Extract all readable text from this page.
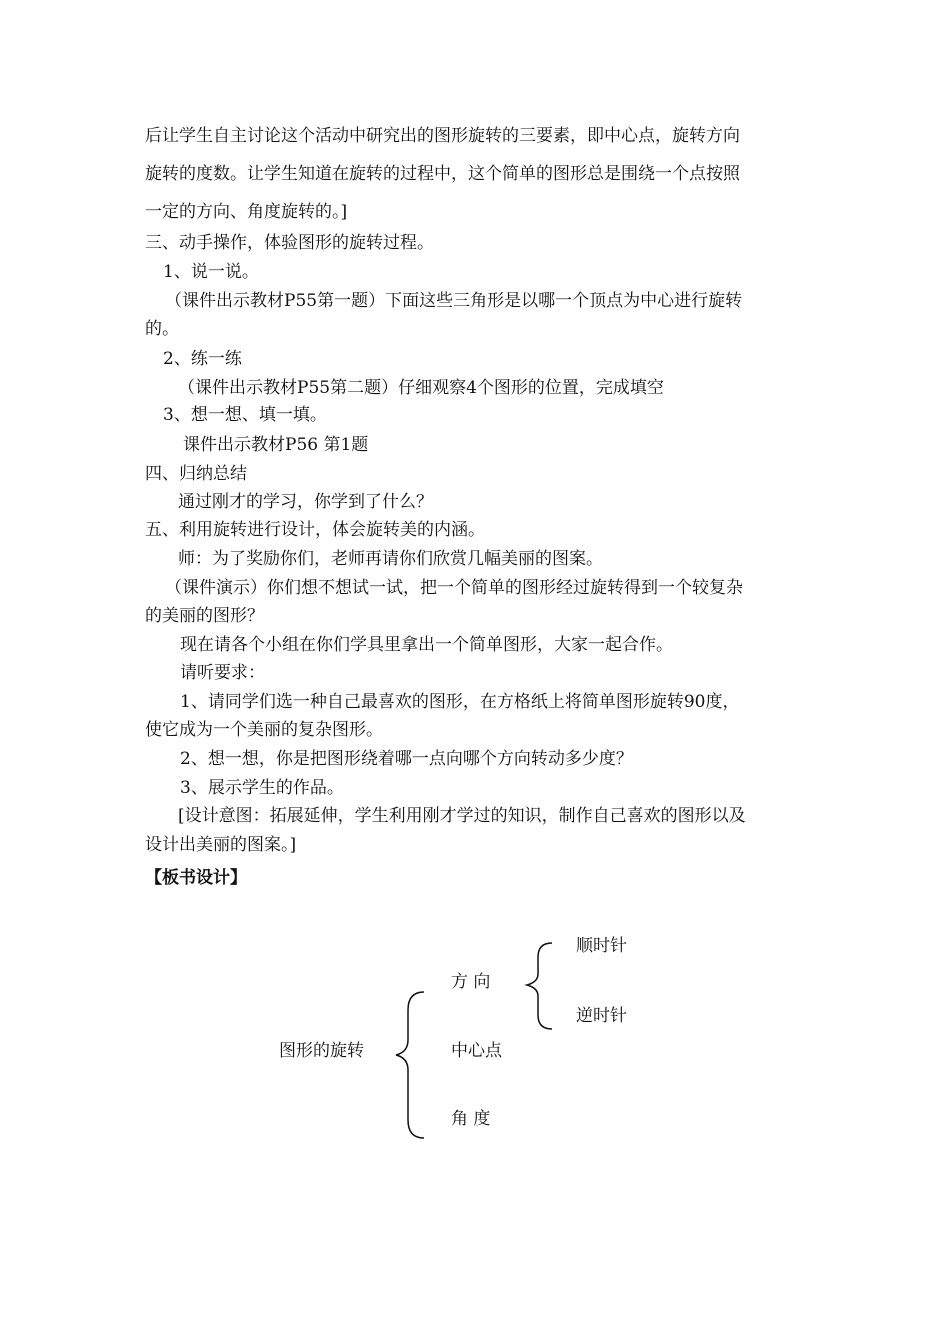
后让学生自主讨论这个活动中研究出的图形旋转的三要素，即中心点，旋转方向
旋转的度数。让学生知道在旋转的过程中，这个简单的图形总是围绕一个点按照
一定的方向、角度旋转的。]
三、动手操作，体验图形的旋转过程。
1、说一说。
（课件出示教材P55第一题）下面这些三角形是以哪一个顶点为中心进行旋转
的。
2、练一练
（课件出示教材P55第二题）仔细观察4个图形的位置，完成填空
3、想一想、填一填。
课件出示教材P56 第1题
四、归纳总结
通过刚才的学习，你学到了什么？
五、利用旋转进行设计，体会旋转美的内涵。
师：为了奖励你们，老师再请你们欣赏几幅美丽的图案。
（课件演示）你们想不想试一试，把一个简单的图形经过旋转得到一个较复杂
的美丽的图形？
现在请各个小组在你们学具里拿出一个简单图形，大家一起合作。
请听要求：
1、请同学们选一种自己最喜欢的图形，在方格纸上将简单图形旋转90度，
使它成为一个美丽的复杂图形。
2、想一想，你是把图形绕着哪一点向哪个方向转动多少度？
3、展示学生的作品。
[设计意图：拓展延伸，学生利用刚才学过的知识，制作自己喜欢的图形以及
设计出美丽的图案。]
【板书设计】
图形的旋转
方 向
中心点
角 度
顺时针
逆时针
